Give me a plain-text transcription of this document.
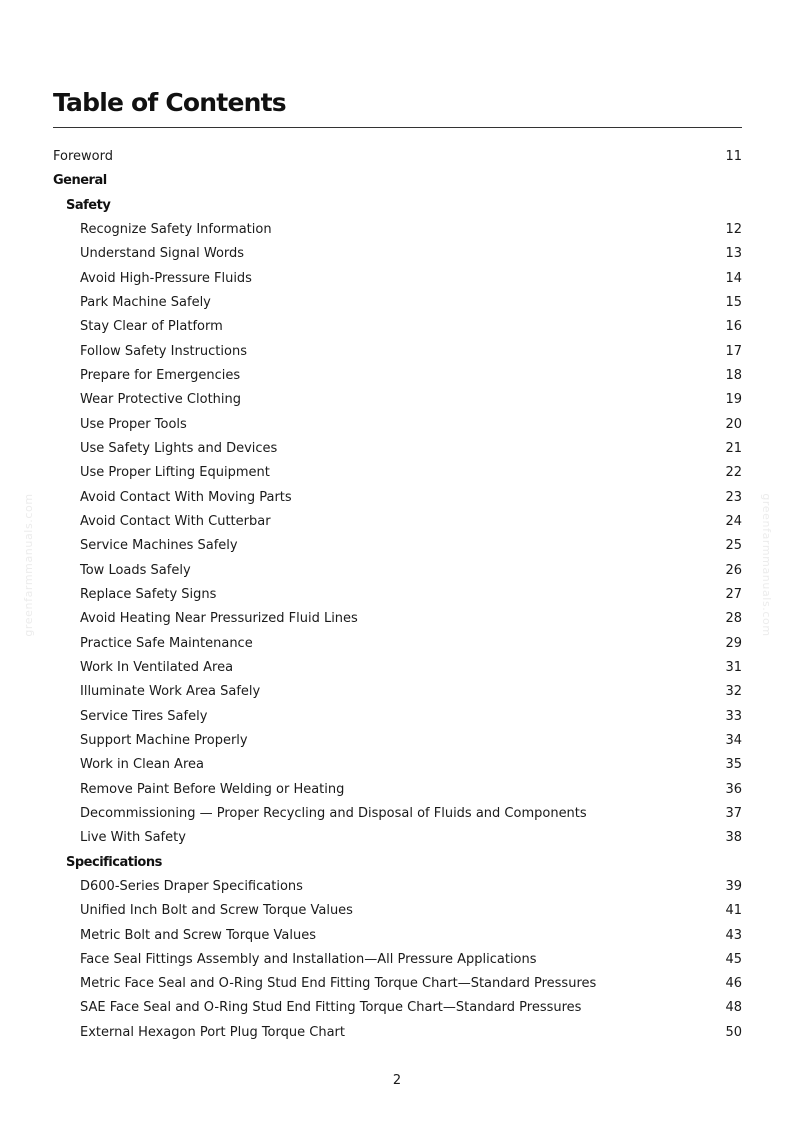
Table of Contents
Foreword	11
General
Safety
Recognize Safety Information	12
Understand Signal Words	13
Avoid High-Pressure Fluids	14
Park Machine Safely	15
Stay Clear of Platform	16
Follow Safety Instructions	17
Prepare for Emergencies	18
Wear Protective Clothing	19
Use Proper Tools	20
Use Safety Lights and Devices	21
Use Proper Lifting Equipment	22
Avoid Contact With Moving Parts	23
Avoid Contact With Cutterbar	24
Service Machines Safely	25
Tow Loads Safely	26
Replace Safety Signs	27
Avoid Heating Near Pressurized Fluid Lines	28
Practice Safe Maintenance	29
Work In Ventilated Area	31
Illuminate Work Area Safely	32
Service Tires Safely	33
Support Machine Properly	34
Work in Clean Area	35
Remove Paint Before Welding or Heating	36
Decommissioning — Proper Recycling and Disposal of Fluids and Components	37
Live With Safety	38
Specifications
D600-Series Draper Specifications	39
Unified Inch Bolt and Screw Torque Values	41
Metric Bolt and Screw Torque Values	43
Face Seal Fittings Assembly and Installation—All Pressure Applications	45
Metric Face Seal and O-Ring Stud End Fitting Torque Chart—Standard Pressures	46
SAE Face Seal and O-Ring Stud End Fitting Torque Chart—Standard Pressures	48
External Hexagon Port Plug Torque Chart	50
2
greenfarmmanuals.com	greenfarmmanuals.com
